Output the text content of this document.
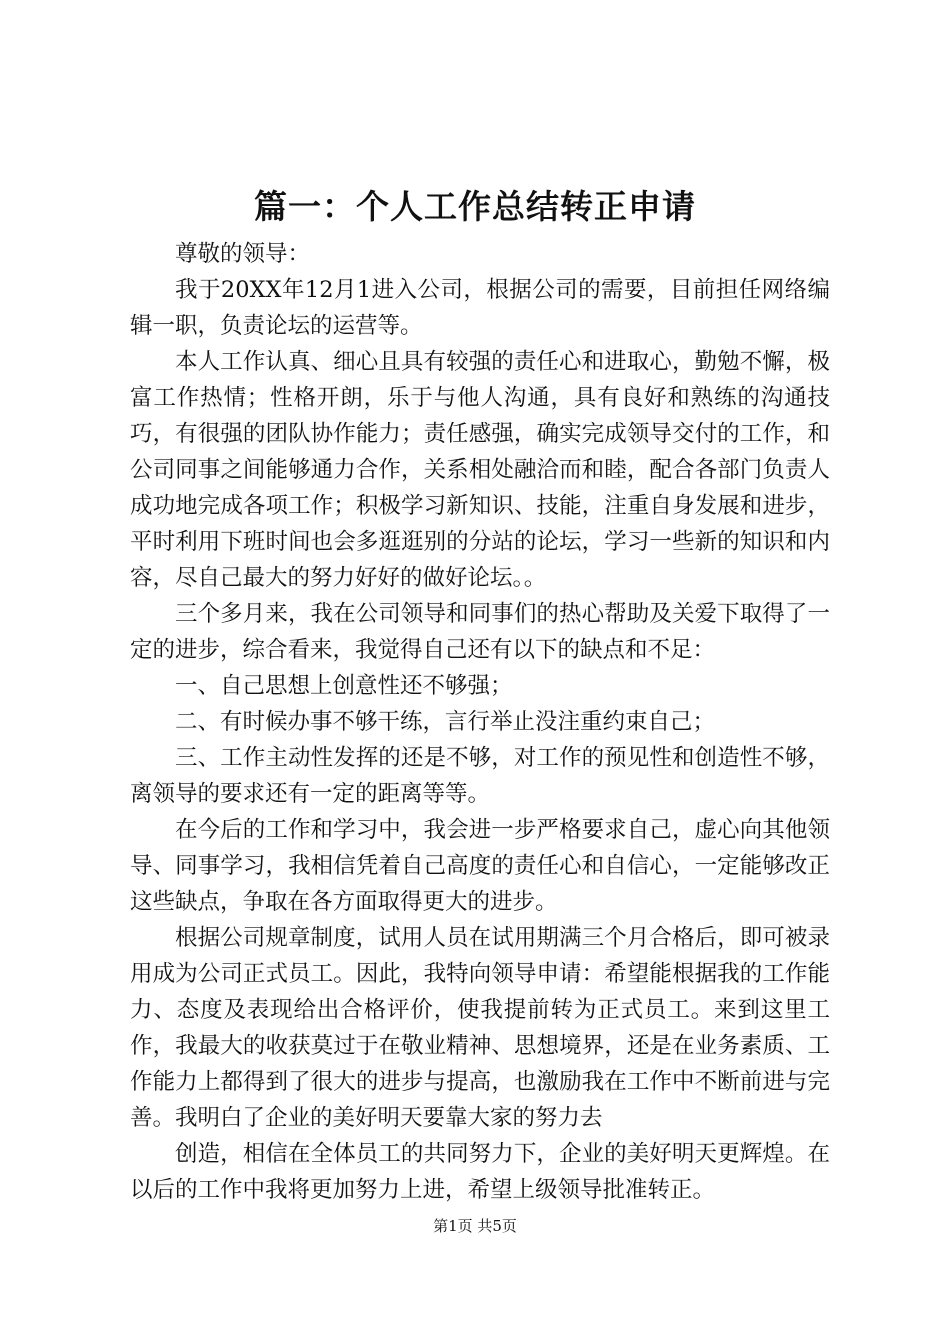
篇一：个人工作总结转正申请

尊敬的领导：

我于20XX年12月1进入公司，根据公司的需要，目前担任网络编辑一职，负责论坛的运营等。

本人工作认真、细心且具有较强的责任心和进取心，勤勉不懈，极富工作热情；性格开朗，乐于与他人沟通，具有良好和熟练的沟通技巧，有很强的团队协作能力；责任感强，确实完成领导交付的工作，和公司同事之间能够通力合作，关系相处融洽而和睦，配合各部门负责人成功地完成各项工作；积极学习新知识、技能，注重自身发展和进步，平时利用下班时间也会多逛逛别的分站的论坛，学习一些新的知识和内容，尽自己最大的努力好好的做好论坛。。

三个多月来，我在公司领导和同事们的热心帮助及关爱下取得了一定的进步，综合看来，我觉得自己还有以下的缺点和不足：

一、自己思想上创意性还不够强；

二、有时候办事不够干练，言行举止没注重约束自己；

三、工作主动性发挥的还是不够，对工作的预见性和创造性不够，离领导的要求还有一定的距离等等。

在今后的工作和学习中，我会进一步严格要求自己，虚心向其他领导、同事学习，我相信凭着自己高度的责任心和自信心，一定能够改正这些缺点，争取在各方面取得更大的进步。

根据公司规章制度，试用人员在试用期满三个月合格后，即可被录用成为公司正式员工。因此，我特向领导申请：希望能根据我的工作能力、态度及表现给出合格评价，使我提前转为正式员工。来到这里工作，我最大的收获莫过于在敬业精神、思想境界，还是在业务素质、工作能力上都得到了很大的进步与提高，也激励我在工作中不断前进与完善。我明白了企业的美好明天要靠大家的努力去

创造，相信在全体员工的共同努力下，企业的美好明天更辉煌。在以后的工作中我将更加努力上进，希望上级领导批准转正。

第1页 共5页
